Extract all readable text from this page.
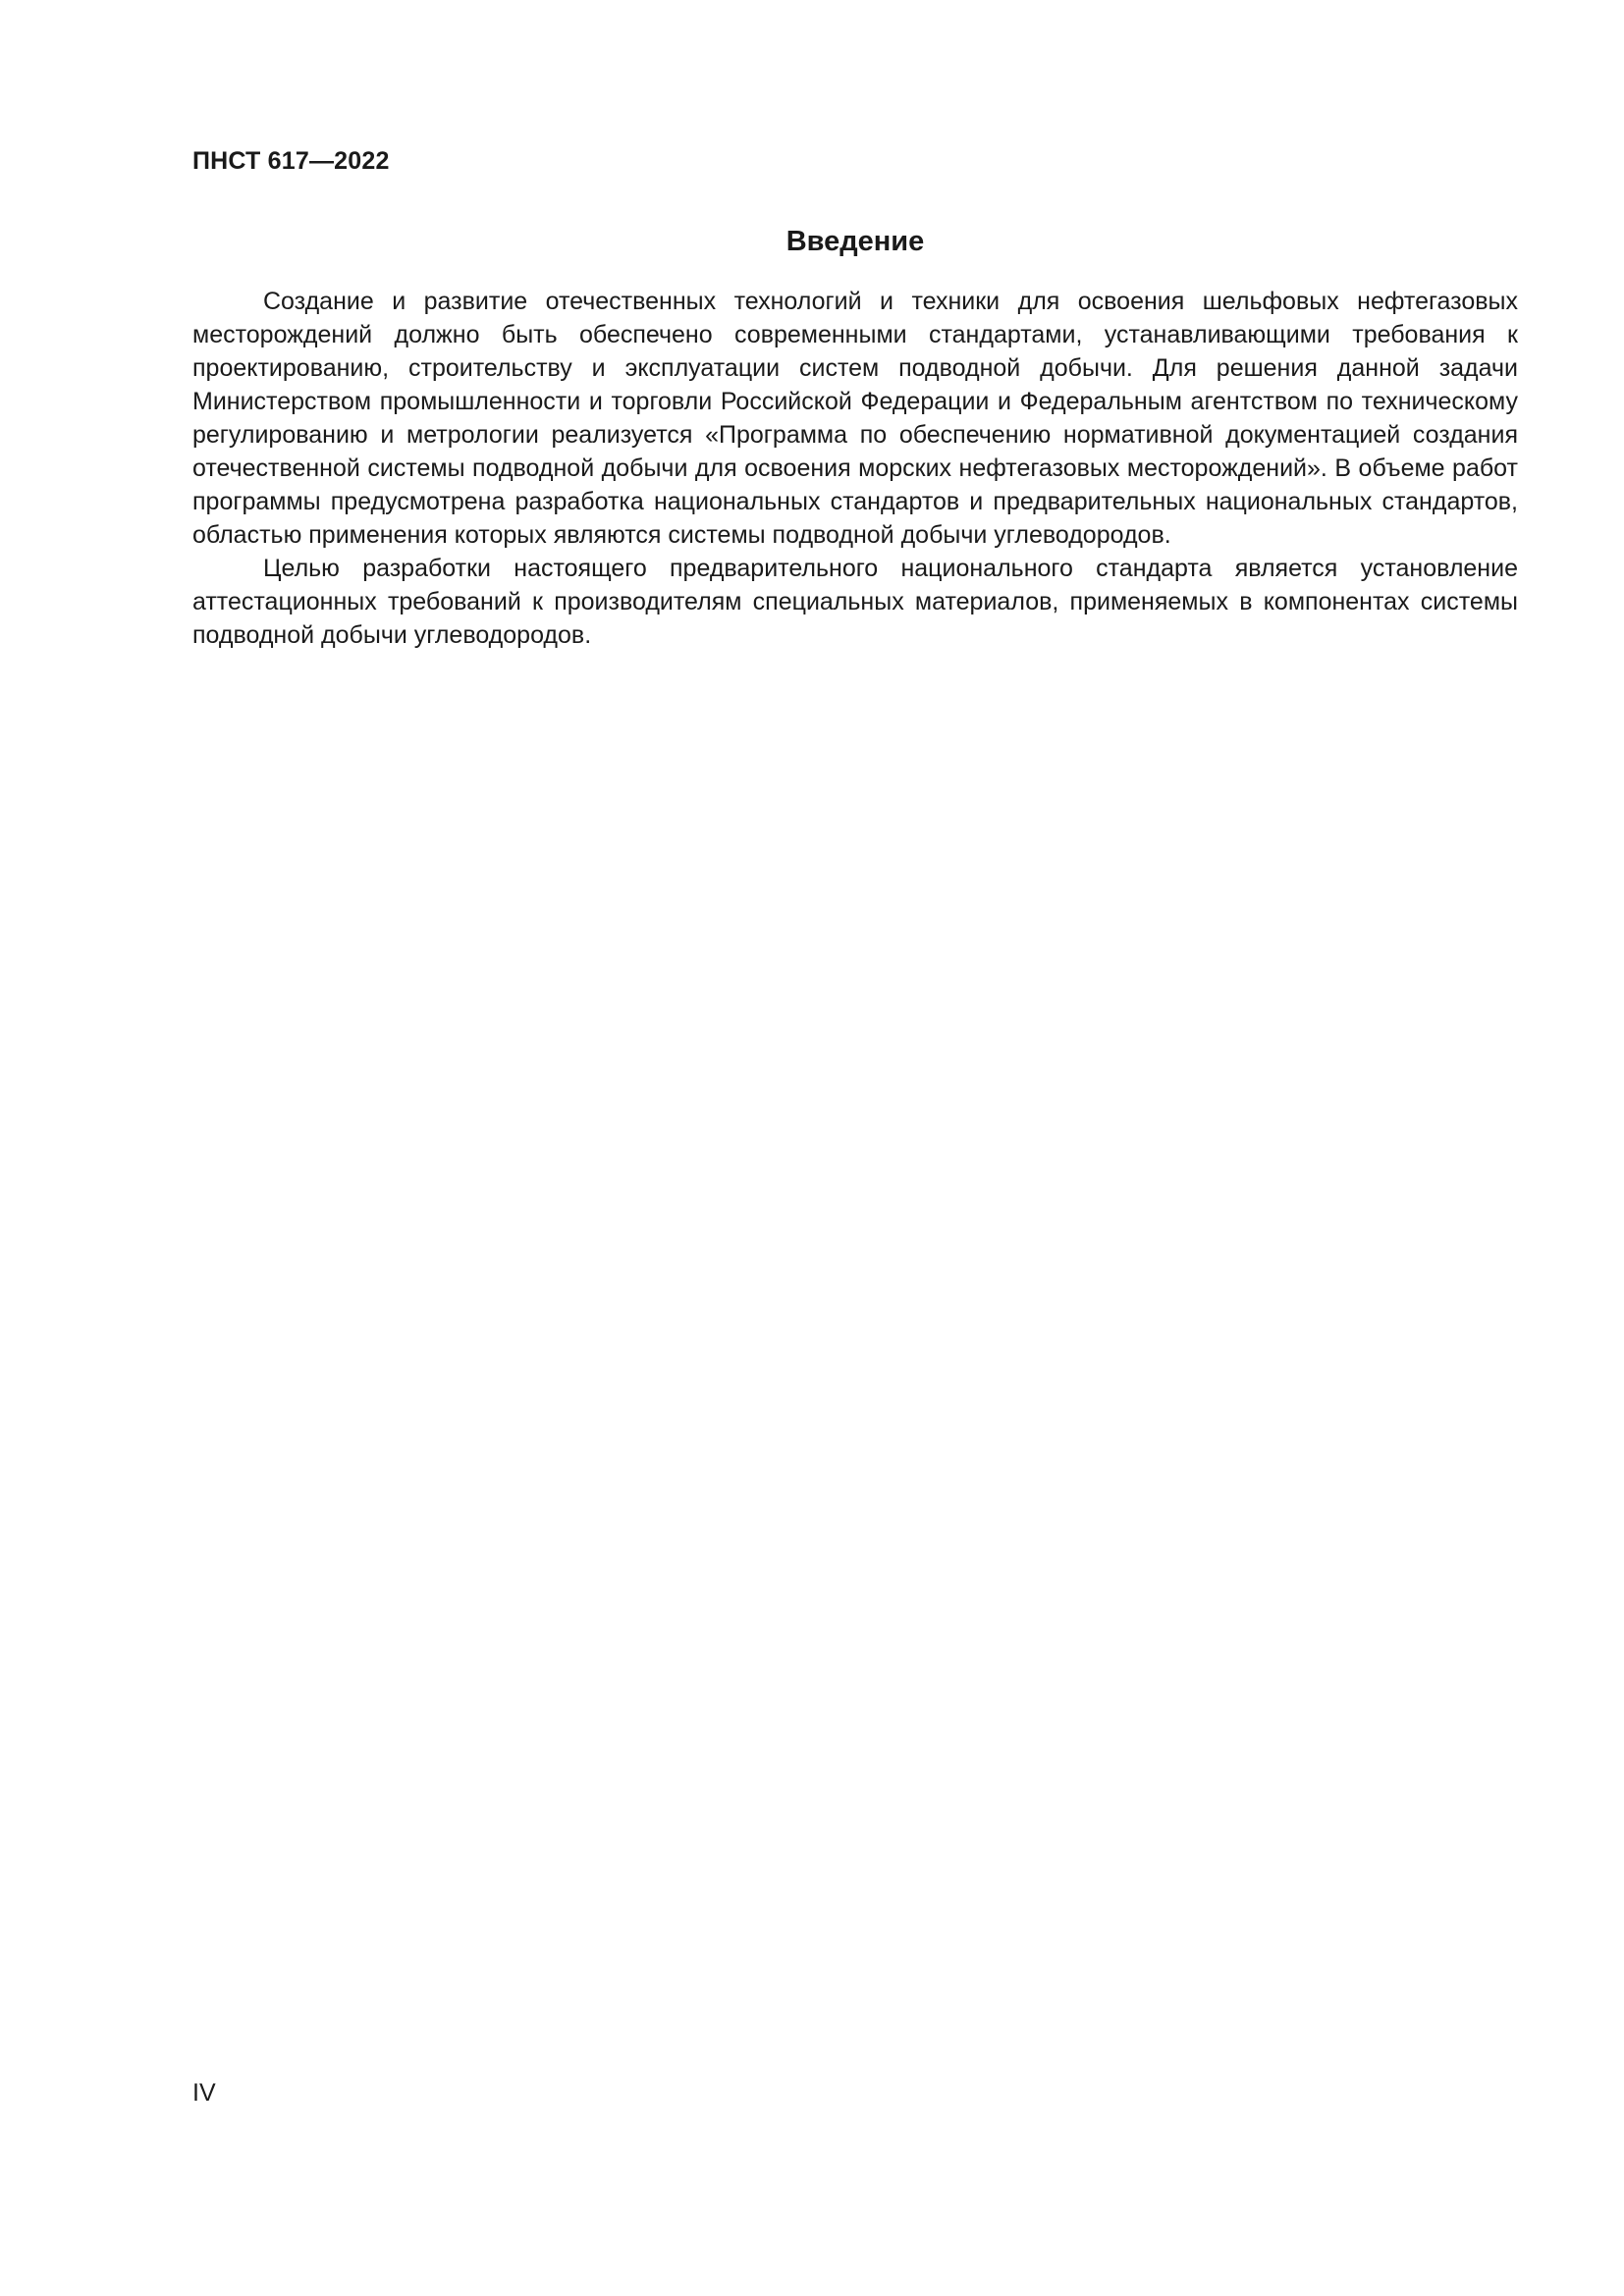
ПНСТ 617—2022
Введение

Создание и развитие отечественных технологий и техники для освоения шельфовых нефтегазовых месторождений должно быть обеспечено современными стандартами, устанавливающими требования к проектированию, строительству и эксплуатации систем подводной добычи. Для решения данной задачи Министерством промышленности и торговли Российской Федерации и Федеральным агентством по техническому регулированию и метрологии реализуется «Программа по обеспечению нормативной документацией создания отечественной системы подводной добычи для освоения морских нефтегазовых месторождений». В объеме работ программы предусмотрена разработка национальных стандартов и предварительных национальных стандартов, областью применения которых являются системы подводной добычи углеводородов.

Целью разработки настоящего предварительного национального стандарта является установление аттестационных требований к производителям специальных материалов, применяемых в компонентах системы подводной добычи углеводородов.

IV
